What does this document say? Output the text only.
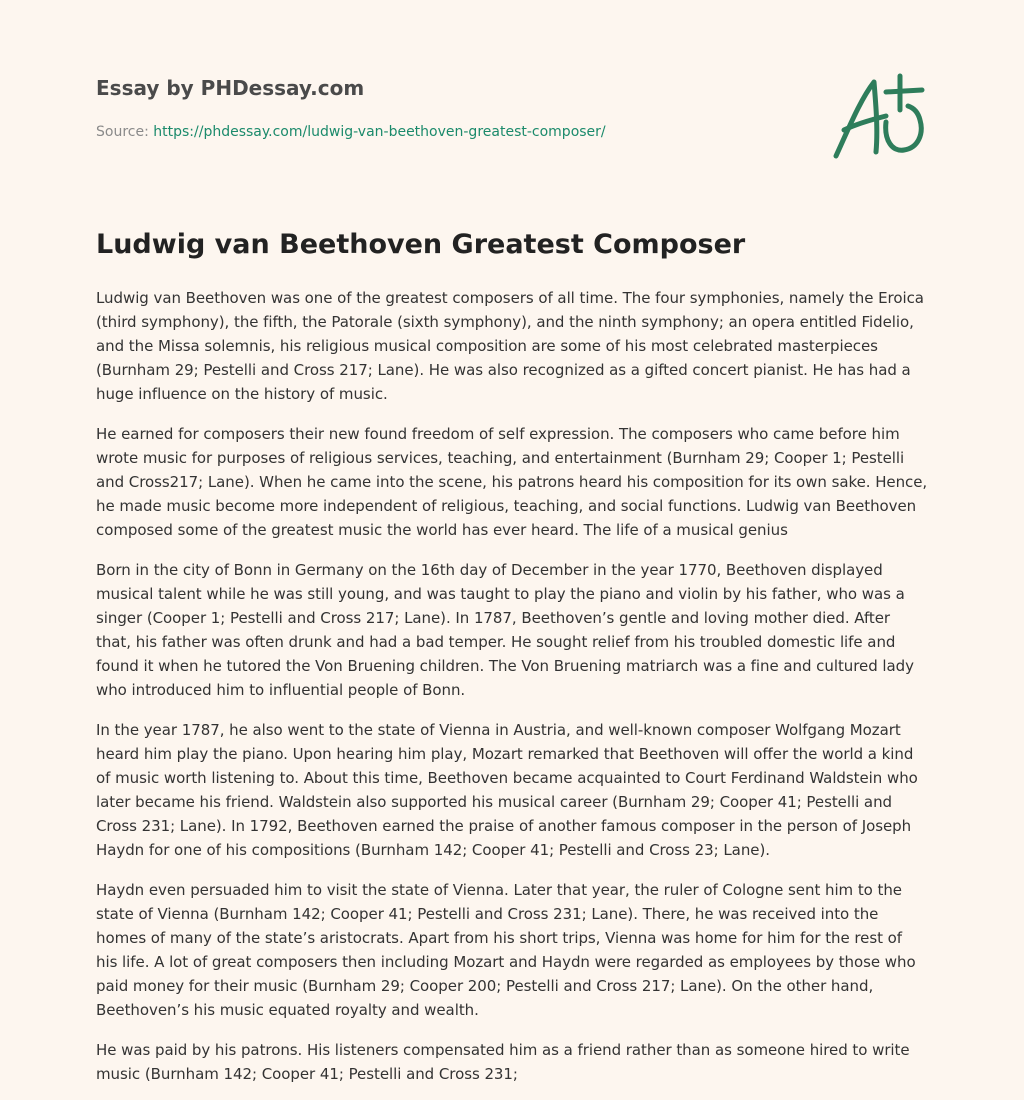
Essay by PHDessay.com
Source: https://phdessay.com/ludwig-van-beethoven-greatest-composer/
Ludwig van Beethoven Greatest Composer

Ludwig van Beethoven was one of the greatest composers of all time. The four symphonies, namely the Eroica (third symphony), the fifth, the Patorale (sixth symphony), and the ninth symphony; an opera entitled Fidelio, and the Missa solemnis, his religious musical composition are some of his most celebrated masterpieces (Burnham 29; Pestelli and Cross 217; Lane). He was also recognized as a gifted concert pianist. He has had a huge influence on the history of music.

He earned for composers their new found freedom of self expression. The composers who came before him wrote music for purposes of religious services, teaching, and entertainment (Burnham 29; Cooper 1; Pestelli and Cross217; Lane). When he came into the scene, his patrons heard his composition for its own sake. Hence, he made music become more independent of religious, teaching, and social functions. Ludwig van Beethoven composed some of the greatest music the world has ever heard. The life of a musical genius

Born in the city of Bonn in Germany on the 16th day of December in the year 1770, Beethoven displayed musical talent while he was still young, and was taught to play the piano and violin by his father, who was a singer (Cooper 1; Pestelli and Cross 217; Lane). In 1787, Beethoven’s gentle and loving mother died. After that, his father was often drunk and had a bad temper. He sought relief from his troubled domestic life and found it when he tutored the Von Bruening children. The Von Bruening matriarch was a fine and cultured lady who introduced him to influential people of Bonn.

In the year 1787, he also went to the state of Vienna in Austria, and well-known composer Wolfgang Mozart heard him play the piano. Upon hearing him play, Mozart remarked that Beethoven will offer the world a kind of music worth listening to. About this time, Beethoven became acquainted to Court Ferdinand Waldstein who later became his friend. Waldstein also supported his musical career (Burnham 29; Cooper 41; Pestelli and Cross 231; Lane). In 1792, Beethoven earned the praise of another famous composer in the person of Joseph Haydn for one of his compositions (Burnham 142; Cooper 41; Pestelli and Cross 23; Lane).

Haydn even persuaded him to visit the state of Vienna. Later that year, the ruler of Cologne sent him to the state of Vienna (Burnham 142; Cooper 41; Pestelli and Cross 231; Lane). There, he was received into the homes of many of the state’s aristocrats. Apart from his short trips, Vienna was home for him for the rest of his life. A lot of great composers then including Mozart and Haydn were regarded as employees by those who paid money for their music (Burnham 29; Cooper 200; Pestelli and Cross 217; Lane). On the other hand, Beethoven’s his music equated royalty and wealth.

He was paid by his patrons. His listeners compensated him as a friend rather than as someone hired to write music (Burnham 142; Cooper 41; Pestelli and Cross 231;
